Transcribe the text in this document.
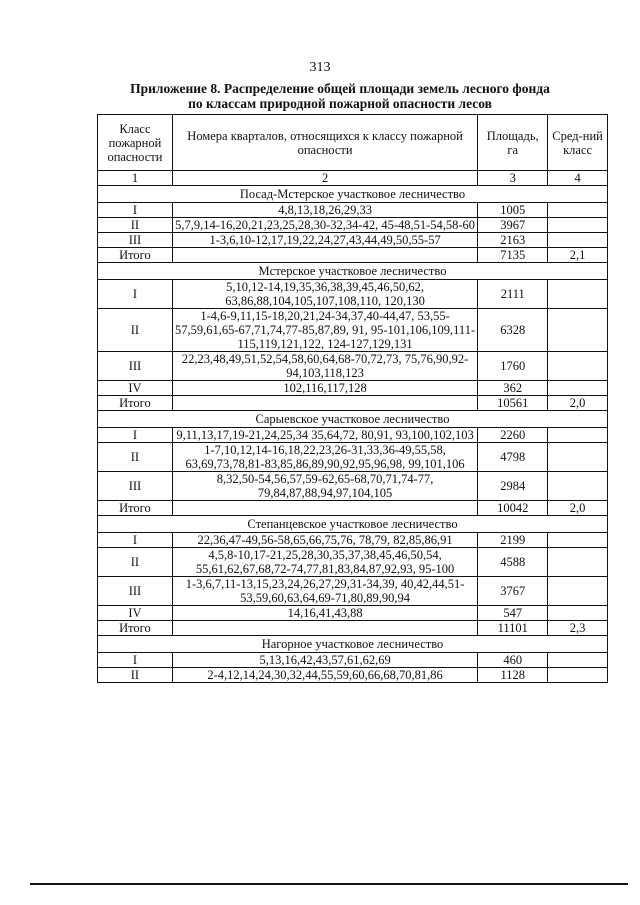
313
Приложение 8. Распределение общей площади земель лесного фонда
по классам природной пожарной опасности лесов
Класс пожарной опасности	Номера кварталов, относящихся к классу пожарной опасности	Площадь, га	Сред-ний класс
1	2	3	4
Посад-Мстерское участковое лесничество			
I	4,8,13,18,26,29,33	1005	
II	5,7,9,14-16,20,21,23,25,28,30-32,34-42, 45-48,51-54,58-60	3967	
III	1-3,6,10-12,17,19,22,24,27,43,44,49,50,55-57	2163	
Итого		7135	2,1
Мстерское участковое лесничество			
I	5,10,12-14,19,35,36,38,39,45,46,50,62, 63,86,88,104,105,107,108,110, 120,130	2111	
II	1-4,6-9,11,15-18,20,21,24-34,37,40-44,47, 53,55-57,59,61,65-67,71,74,77-85,87,89, 91, 95-101,106,109,111-115,119,121,122, 124-127,129,131	6328	
III	22,23,48,49,51,52,54,58,60,64,68-70,72,73, 75,76,90,92-94,103,118,123	1760	
IV	102,116,117,128	362	
Итого		10561	2,0
Сарыевское участковое лесничество			
I	9,11,13,17,19-21,24,25,34 35,64,72, 80,91, 93,100,102,103	2260	
II	1-7,10,12,14-16,18,22,23,26-31,33,36-49,55,58, 63,69,73,78,81-83,85,86,89,90,92,95,96,98, 99,101,106	4798	
III	8,32,50-54,56,57,59-62,65-68,70,71,74-77, 79,84,87,88,94,97,104,105	2984	
Итого		10042	2,0
Степанцевское участковое лесничество			
I	22,36,47-49,56-58,65,66,75,76, 78,79, 82,85,86,91	2199	
II	4,5,8-10,17-21,25,28,30,35,37,38,45,46,50,54, 55,61,62,67,68,72-74,77,81,83,84,87,92,93, 95-100	4588	
III	1-3,6,7,11-13,15,23,24,26,27,29,31-34,39, 40,42,44,51-53,59,60,63,64,69-71,80,89,90,94	3767	
IV	14,16,41,43,88	547	
Итого		11101	2,3
Нагорное участковое лесничество			
I	5,13,16,42,43,57,61,62,69	460	
II	2-4,12,14,24,30,32,44,55,59,60,66,68,70,81,86	1128	
